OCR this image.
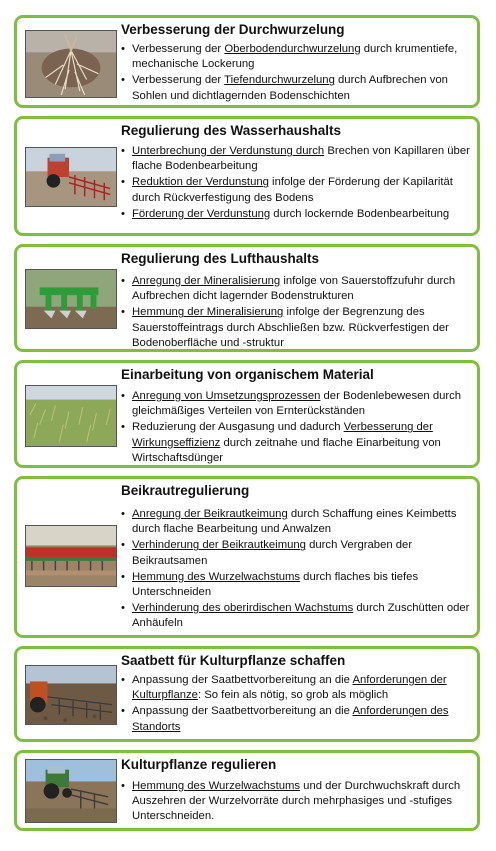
Verbesserung der Durchwurzelung
• Verbesserung der Oberbodendurchwurzelung durch krumentiefe, mechanische Lockerung
• Verbesserung der Tiefendurchwurzelung durch Aufbrechen von Sohlen und dichtlagernden Bodenschichten
Regulierung des Wasserhaushalts
• Unterbrechung der Verdunstung durch Brechen von Kapillaren über flache Bodenbearbeitung
• Reduktion der Verdunstung infolge der Förderung der Kapilarität durch Rückverfestigung des Bodens
• Förderung der Verdunstung durch lockernde Bodenbearbeitung
Regulierung des Lufthaushalts
• Anregung der Mineralisierung infolge von Sauerstoffzufuhr durch Aufbrechen dicht lagernder Bodenstrukturen
• Hemmung der Mineralisierung infolge der Begrenzung des Sauerstoffeintrags durch Abschließen bzw. Rückverfestigen der Bodenoberfläche und -struktur
Einarbeitung von organischem Material
• Anregung von Umsetzungsprozessen der Bodenlebewesen durch gleichmäßiges Verteilen von Ernterückständen
• Reduzierung der Ausgasung und dadurch Verbesserung der Wirkungseffizienz durch zeitnahe und flache Einarbeitung von Wirtschaftsdünger
Beikrautregulierung
• Anregung der Beikrautkeimung durch Schaffung eines Keimbetts durch flache Bearbeitung und Anwalzen
• Verhinderung der Beikrautkeimung durch Vergraben der Beikrautsamen
• Hemmung des Wurzelwachstums durch flaches bis tiefes Unterschneiden
• Verhinderung des oberirdischen Wachstums durch Zuschütten oder Anhäufeln
Saatbett für Kulturpflanze schaffen
• Anpassung der Saatbettvorbereitung an die Anforderungen der Kulturpflanze: So fein als nötig, so grob als möglich
• Anpassung der Saatbettvorbereitung an die Anforderungen des Standorts
Kulturpflanze regulieren
• Hemmung des Wurzelwachstums und der Durchwuchskraft durch Auszehren der Wurzelvorräte durch mehrphasiges und -stufiges Unterschneiden.
